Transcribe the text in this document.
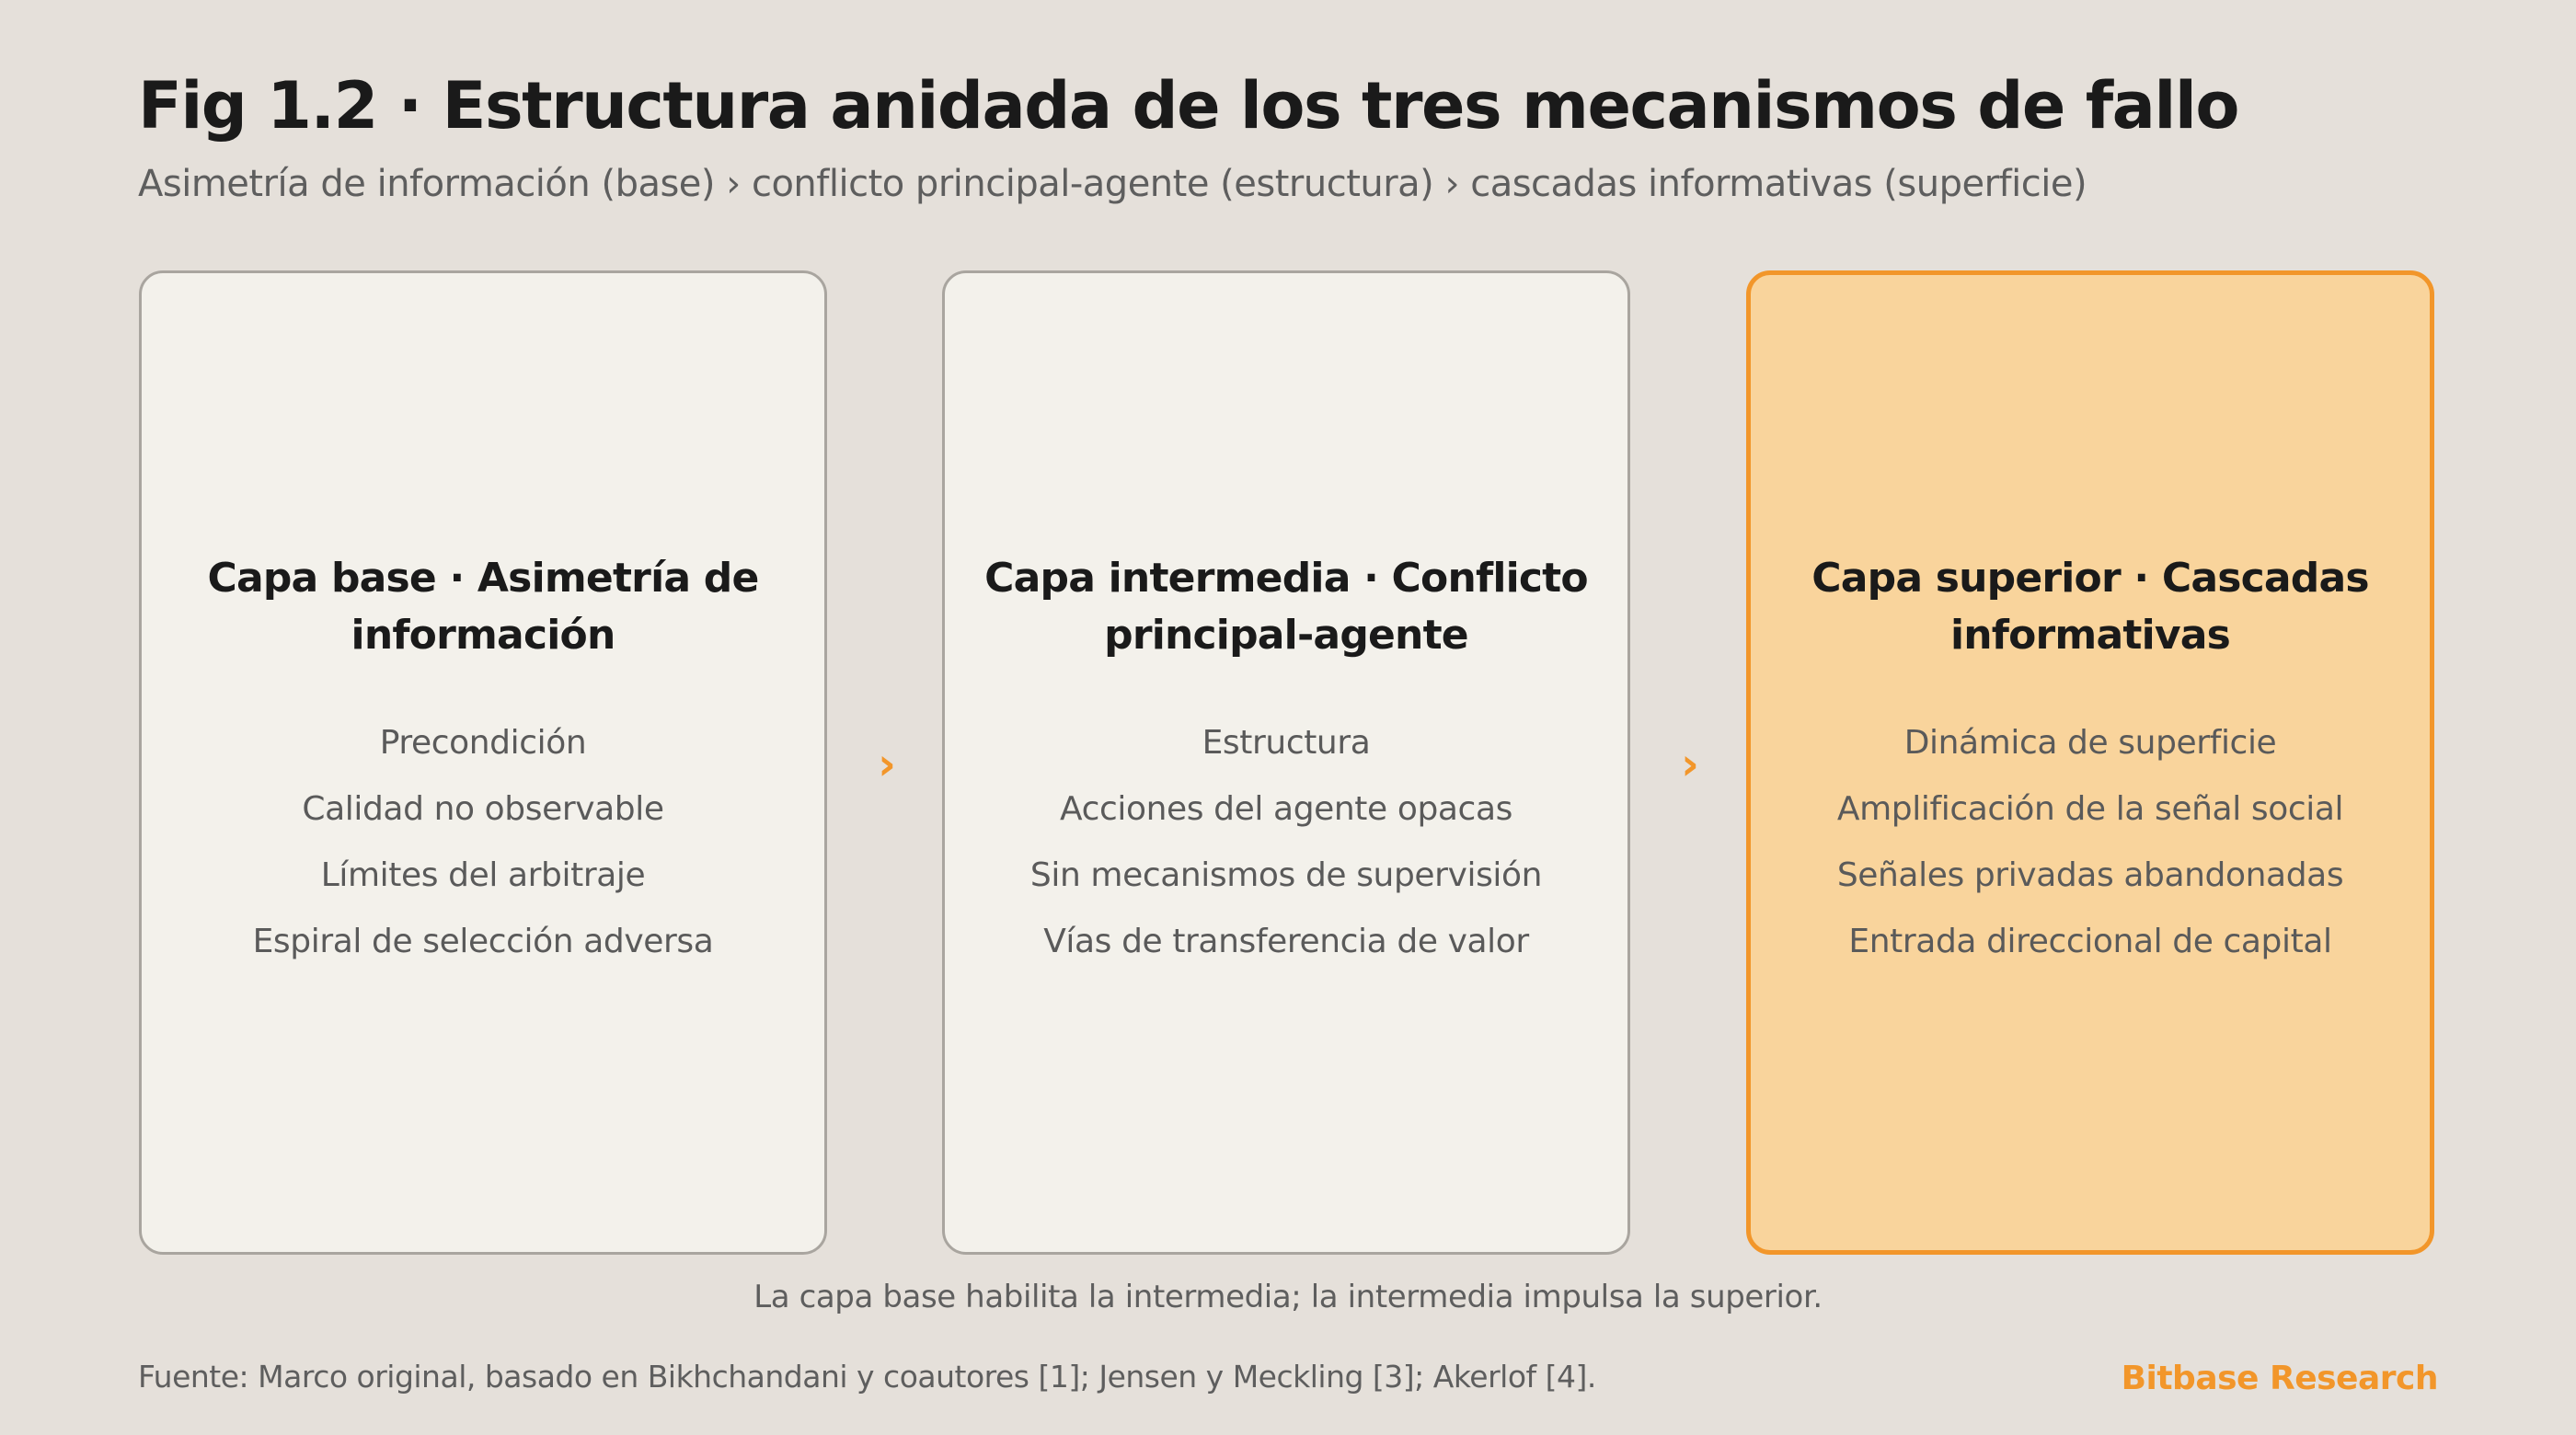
Fig 1.2 · Estructura anidada de los tres mecanismos de fallo
Asimetría de información (base) › conflicto principal-agente (estructura) › cascadas informativas (superficie)
Capa base · Asimetría de información
Precondición
Calidad no observable
Límites del arbitraje
Espiral de selección adversa
›
Capa intermedia · Conflicto principal-agente
Estructura
Acciones del agente opacas
Sin mecanismos de supervisión
Vías de transferencia de valor
›
Capa superior · Cascadas informativas
Dinámica de superficie
Amplificación de la señal social
Señales privadas abandonadas
Entrada direccional de capital
La capa base habilita la intermedia; la intermedia impulsa la superior.
Fuente: Marco original, basado en Bikhchandani y coautores [1]; Jensen y Meckling [3]; Akerlof [4].	Bitbase Research
